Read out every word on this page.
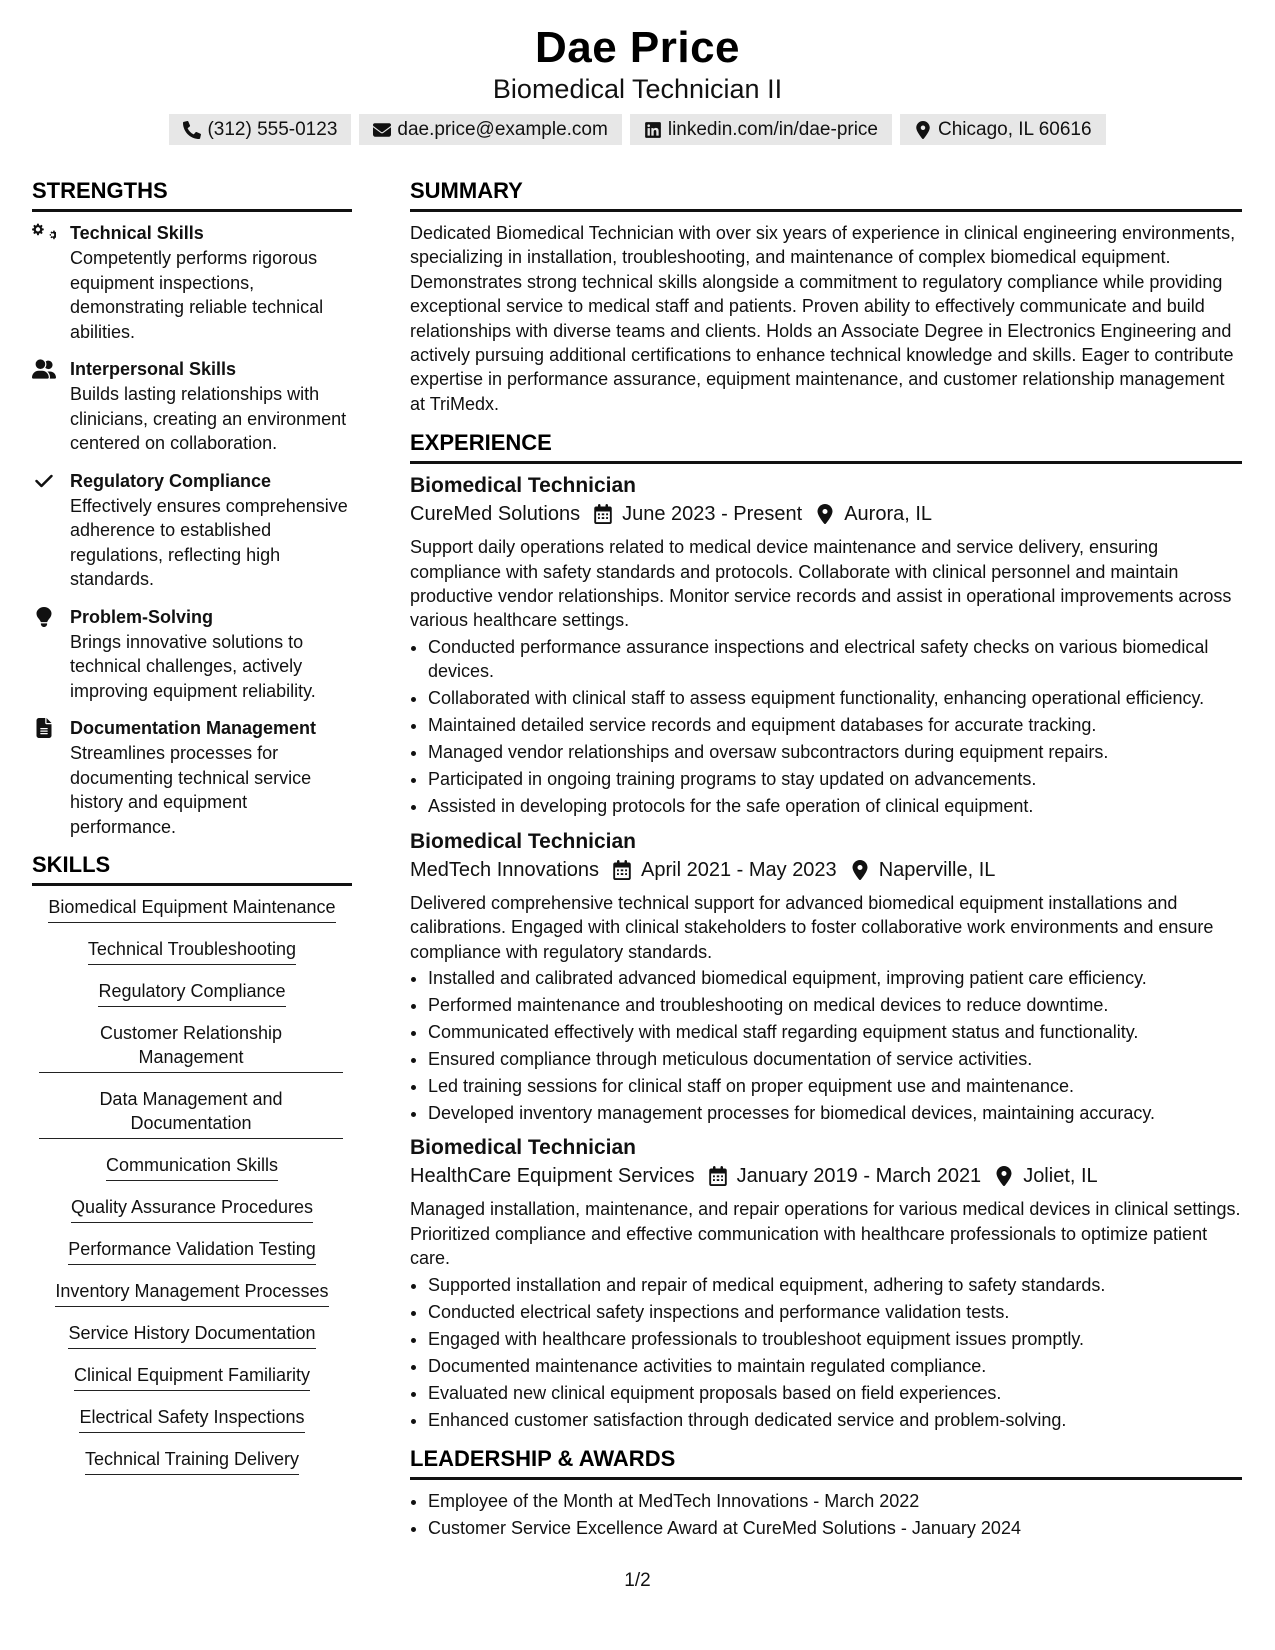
Dae Price
Biomedical Technician II
(312) 555-0123	dae.price@example.com	linkedin.com/in/dae-price	Chicago, IL 60616
STRENGTHS
Technical Skills
Competently performs rigorous equipment inspections, demonstrating reliable technical abilities.
Interpersonal Skills
Builds lasting relationships with clinicians, creating an environment centered on collaboration.
Regulatory Compliance
Effectively ensures comprehensive adherence to established regulations, reflecting high standards.
Problem-Solving
Brings innovative solutions to technical challenges, actively improving equipment reliability.
Documentation Management
Streamlines processes for documenting technical service history and equipment performance.
SKILLS
Biomedical Equipment Maintenance
Technical Troubleshooting
Regulatory Compliance
Customer Relationship Management
Data Management and Documentation
Communication Skills
Quality Assurance Procedures
Performance Validation Testing
Inventory Management Processes
Service History Documentation
Clinical Equipment Familiarity
Electrical Safety Inspections
Technical Training Delivery
SUMMARY
Dedicated Biomedical Technician with over six years of experience in clinical engineering environments, specializing in installation, troubleshooting, and maintenance of complex biomedical equipment. Demonstrates strong technical skills alongside a commitment to regulatory compliance while providing exceptional service to medical staff and patients. Proven ability to effectively communicate and build relationships with diverse teams and clients. Holds an Associate Degree in Electronics Engineering and actively pursuing additional certifications to enhance technical knowledge and skills. Eager to contribute expertise in performance assurance, equipment maintenance, and customer relationship management at TriMedx.
EXPERIENCE
Biomedical Technician
CureMed Solutions June 2023 - Present Aurora, IL
Support daily operations related to medical device maintenance and service delivery, ensuring compliance with safety standards and protocols. Collaborate with clinical personnel and maintain productive vendor relationships. Monitor service records and assist in operational improvements across various healthcare settings.
• Conducted performance assurance inspections and electrical safety checks on various biomedical devices.
• Collaborated with clinical staff to assess equipment functionality, enhancing operational efficiency.
• Maintained detailed service records and equipment databases for accurate tracking.
• Managed vendor relationships and oversaw subcontractors during equipment repairs.
• Participated in ongoing training programs to stay updated on advancements.
• Assisted in developing protocols for the safe operation of clinical equipment.
Biomedical Technician
MedTech Innovations April 2021 - May 2023 Naperville, IL
Delivered comprehensive technical support for advanced biomedical equipment installations and calibrations. Engaged with clinical stakeholders to foster collaborative work environments and ensure compliance with regulatory standards.
• Installed and calibrated advanced biomedical equipment, improving patient care efficiency.
• Performed maintenance and troubleshooting on medical devices to reduce downtime.
• Communicated effectively with medical staff regarding equipment status and functionality.
• Ensured compliance through meticulous documentation of service activities.
• Led training sessions for clinical staff on proper equipment use and maintenance.
• Developed inventory management processes for biomedical devices, maintaining accuracy.
Biomedical Technician
HealthCare Equipment Services January 2019 - March 2021 Joliet, IL
Managed installation, maintenance, and repair operations for various medical devices in clinical settings. Prioritized compliance and effective communication with healthcare professionals to optimize patient care.
• Supported installation and repair of medical equipment, adhering to safety standards.
• Conducted electrical safety inspections and performance validation tests.
• Engaged with healthcare professionals to troubleshoot equipment issues promptly.
• Documented maintenance activities to maintain regulated compliance.
• Evaluated new clinical equipment proposals based on field experiences.
• Enhanced customer satisfaction through dedicated service and problem-solving.
LEADERSHIP & AWARDS
• Employee of the Month at MedTech Innovations - March 2022
• Customer Service Excellence Award at CureMed Solutions - January 2024
1/2
